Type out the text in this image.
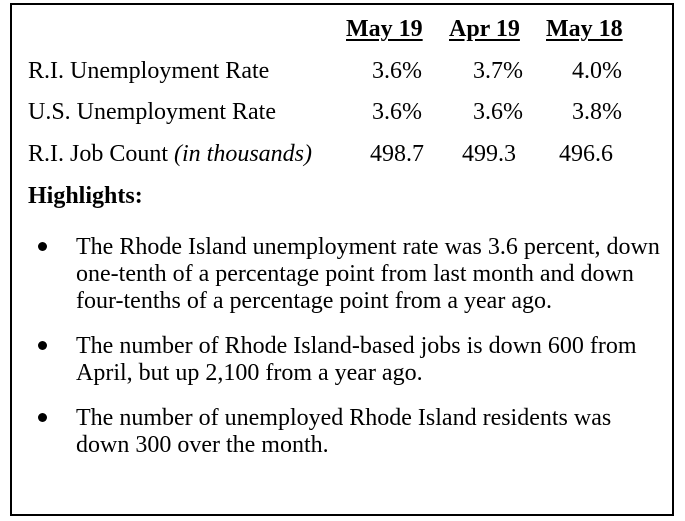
May 19 Apr 19 May 18
R.I. Unemployment Rate	3.6%	3.7%	4.0%
U.S. Unemployment Rate	3.6%	3.6%	3.8%
R.I. Job Count (in thousands)	498.7	499.3	496.6
Highlights:
The Rhode Island unemployment rate was 3.6 percent, down one-tenth of a percentage point from last month and down four-tenths of a percentage point from a year ago.
The number of Rhode Island-based jobs is down 600 from April, but up 2,100 from a year ago.
The number of unemployed Rhode Island residents was down 300 over the month.
